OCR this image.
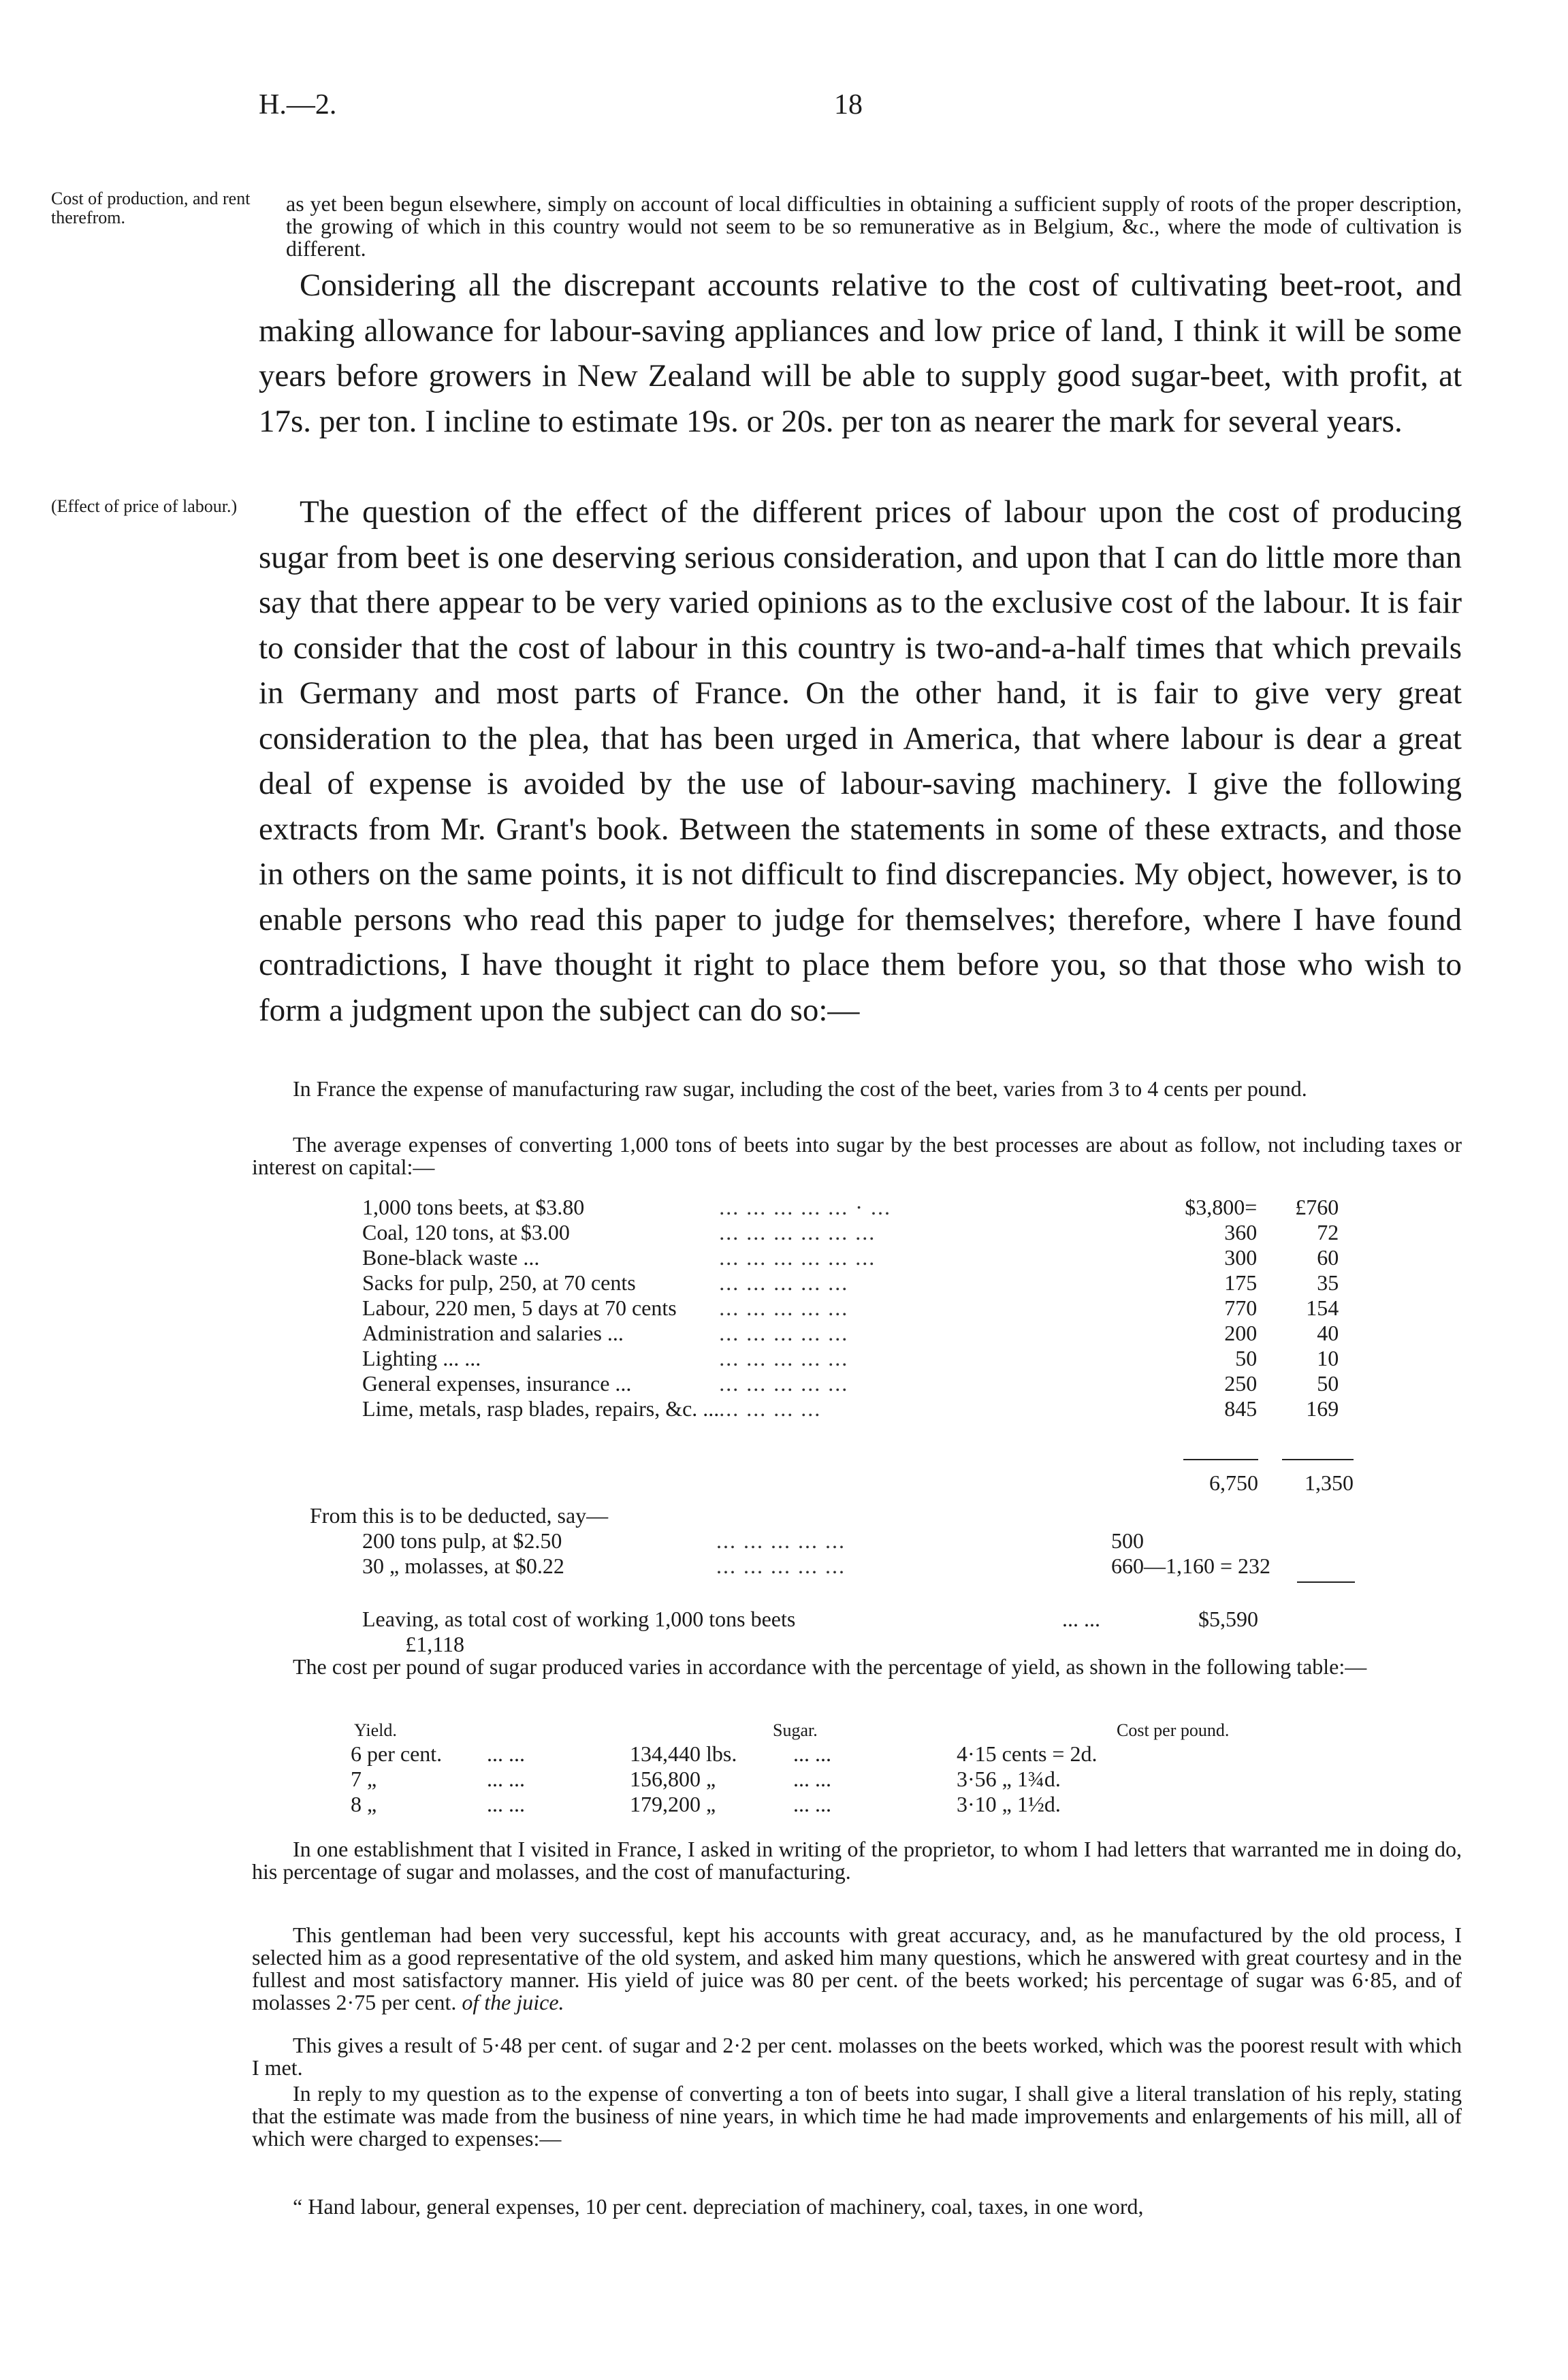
H.—2.	18
Cost of production, and rent therefrom.
(Effect of price of labour.)

as yet been begun elsewhere, simply on account of local difficulties in obtaining a sufficient supply of roots of the proper description, the growing of which in this country would not seem to be so remunerative as in Belgium, &c., where the mode of cultivation is different.

Considering all the discrepant accounts relative to the cost of cultivating beet-root, and making allowance for labour-saving appliances and low price of land, I think it will be some years before growers in New Zealand will be able to supply good sugar-beet, with profit, at 17s. per ton. I incline to estimate 19s. or 20s. per ton as nearer the mark for several years.

The question of the effect of the different prices of labour upon the cost of producing sugar from beet is one deserving serious consideration, and upon that I can do little more than say that there appear to be very varied opinions as to the exclusive cost of the labour. It is fair to consider that the cost of labour in this country is two-and-a-half times that which prevails in Germany and most parts of France. On the other hand, it is fair to give very great consideration to the plea, that has been urged in America, that where labour is dear a great deal of expense is avoided by the use of labour-saving machinery. I give the following extracts from Mr. Grant's book. Between the statements in some of these extracts, and those in others on the same points, it is not difficult to find discrepancies. My object, however, is to enable persons who read this paper to judge for themselves; therefore, where I have found contradictions, I have thought it right to place them before you, so that those who wish to form a judgment upon the subject can do so:—

In France the expense of manufacturing raw sugar, including the cost of the beet, varies from 3 to 4 cents per pound.

The average expenses of converting 1,000 tons of beets into sugar by the best processes are about as follow, not including taxes or interest on capital:—

1,000 tons beets, at $3.80	... ... ... ... ... · ...	$3,800=	£760
Coal, 120 tons, at $3.00	... ... ... ... ... ...	360	72
Bone-black waste ...	... ... ... ... ... ...	300	60
Sacks for pulp, 250, at 70 cents	... ... ... ... ...	175	35
Labour, 220 men, 5 days at 70 cents	... ... ... ... ...	770	154
Administration and salaries ...	... ... ... ... ...	200	40
Lighting ... ...	... ... ... ... ...	50	10
General expenses, insurance ...	... ... ... ... ...	250	50
Lime, metals, rasp blades, repairs, &c. ...	... ... ... ...	845	169
6,750	1,350
From this is to be deducted, say—
200 tons pulp, at $2.50	... ... ... ... ...	500
30 „ molasses, at $0.22	... ... ... ... ...	660—1,160 = 232
Leaving, as total cost of working 1,000 tons beets	... ...	$5,590 £1,118

The cost per pound of sugar produced varies in accordance with the percentage of yield, as shown in the following table:—

Yield.	Sugar.	Cost per pound.
6 per cent.	... ...	134,440 lbs.	... ...	4·15 cents = 2d.
7 „	... ...	156,800 „	... ...	3·56 „ 1¾d.
8 „	... ...	179,200 „	... ...	3·10 „ 1½d.

In one establishment that I visited in France, I asked in writing of the proprietor, to whom I had letters that warranted me in doing do, his percentage of sugar and molasses, and the cost of manufacturing.

This gentleman had been very successful, kept his accounts with great accuracy, and, as he manufactured by the old process, I selected him as a good representative of the old system, and asked him many questions, which he answered with great courtesy and in the fullest and most satisfactory manner. His yield of juice was 80 per cent. of the beets worked; his percentage of sugar was 6·85, and of molasses 2·75 per cent. of the juice.

This gives a result of 5·48 per cent. of sugar and 2·2 per cent. molasses on the beets worked, which was the poorest result with which I met.

In reply to my question as to the expense of converting a ton of beets into sugar, I shall give a literal translation of his reply, stating that the estimate was made from the business of nine years, in which time he had made improvements and enlargements of his mill, all of which were charged to expenses:—

“ Hand labour, general expenses, 10 per cent. depreciation of machinery, coal, taxes, in one word,
